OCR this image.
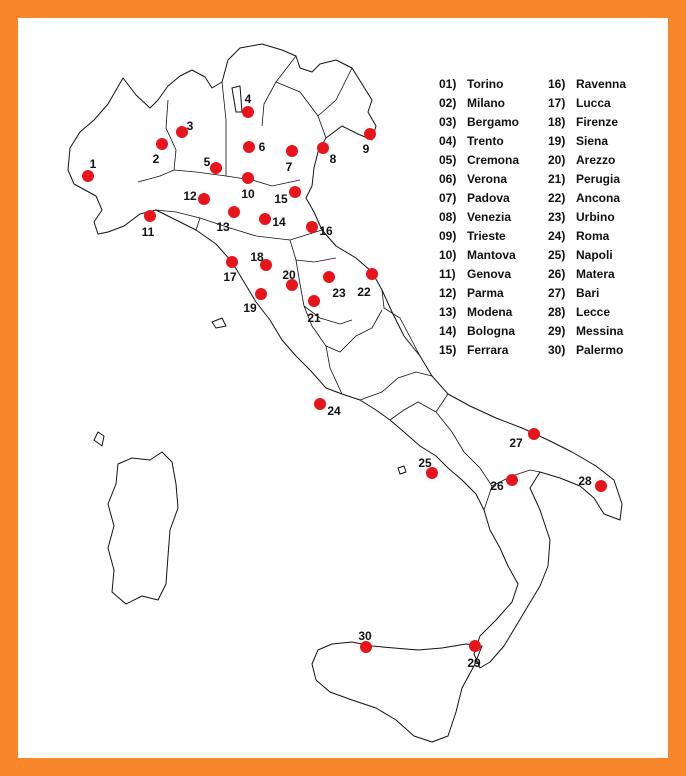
1	2
3
4
5
6
7
8
9
10
11
12
13	14
15
16
17
18
19
20
21
22
23
24
25
26
27
28
29
30
01) Torino
02) Milano
03) Bergamo
04) Trento
05) Cremona
06) Verona
07) Padova
08) Venezia
09) Trieste
10) Mantova
11) Genova
12) Parma
13) Modena
14) Bologna
15) Ferrara
16) Ravenna
17) Lucca
18) Firenze
19) Siena
20) Arezzo
21) Perugia
22) Ancona
23) Urbino
24) Roma
25) Napoli
26) Matera
27) Bari
28) Lecce
29) Messina
30) Palermo
